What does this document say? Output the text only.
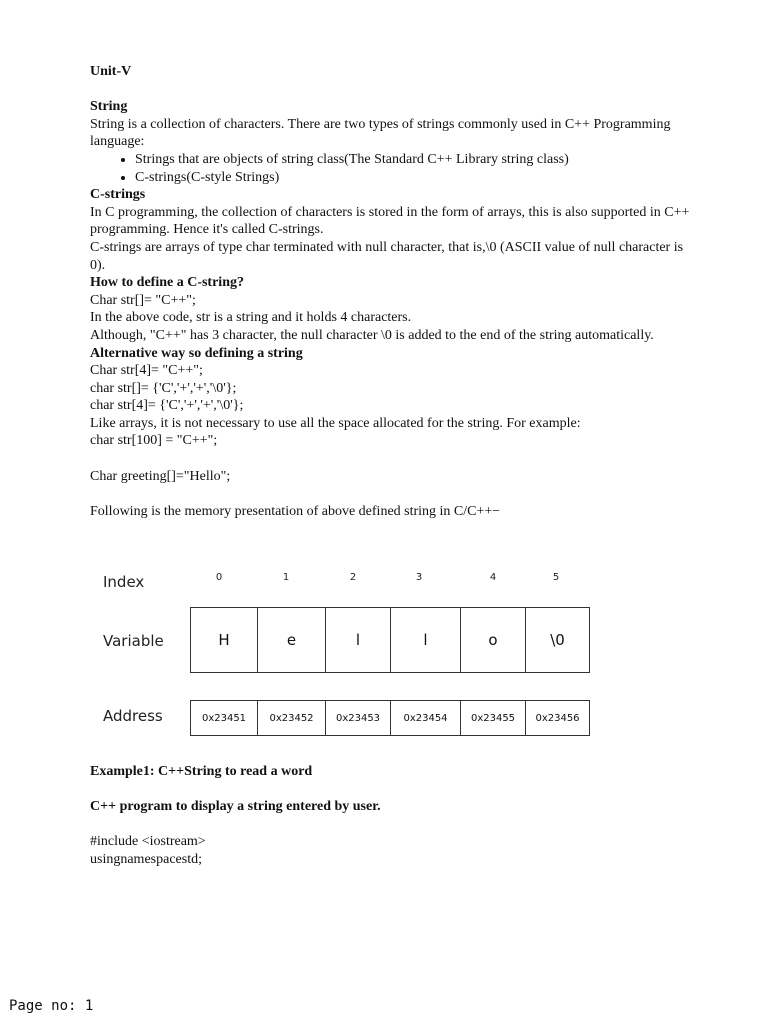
Unit-V

String

String is a collection of characters. There are two types of strings commonly used in C++ Programming language:

• Strings that are objects of string class(The Standard C++ Library string class)
• C-strings(C-style Strings)

C-strings

In C programming, the collection of characters is stored in the form of arrays, this is also supported in C++ programming. Hence it's called C-strings.

C-strings are arrays of type char terminated with null character, that is,\0 (ASCII value of null character is 0).

How to define a C-string?

Char str[]= "C++";

In the above code, str is a string and it holds 4 characters.

Although, "C++" has 3 character, the null character \0 is added to the end of the string automatically.

Alternative way so defining a string

Char str[4]= "C++";

char str[]= {'C','+','+','\0'};

char str[4]= {'C','+','+','\0'};

Like arrays, it is not necessary to use all the space allocated for the string. For example:

char str[100] = "C++";

Char greeting[]="Hello";

Following is the memory presentation of above defined string in C/C++−

Index	0	1	2	3	4	5
Variable	H	e	l	l	o	\0
Address	0x23451	0x23452	0x23453	0x23454	0x23455	0x23456

Example1: C++String to read a word

C++ program to display a string entered by user.

#include <iostream>

usingnamespacestd;

Page no: 1
